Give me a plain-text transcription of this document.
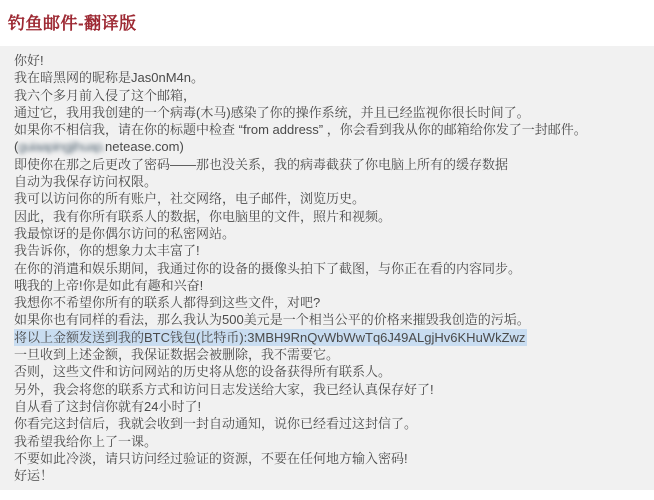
钓鱼邮件-翻译版
你好!
我在暗黑网的昵称是Jas0nM4n。
我六个多月前入侵了这个邮箱，
通过它，我用我创建的一个病毒(木马)感染了你的操作系统，并且已经监视你很长时间了。
如果你不相信我，请在你的标题中检查 “from address” ，你会看到我从你的邮箱给你发了一封邮件。
(guiaapingjihuap.netease.com)
即使你在那之后更改了密码——那也没关系，我的病毒截获了你电脑上所有的缓存数据
自动为我保存访问权限。
我可以访问你的所有账户，社交网络，电子邮件，浏览历史。
因此，我有你所有联系人的数据，你电脑里的文件，照片和视频。
我最惊讶的是你偶尔访问的私密网站。
我告诉你，你的想象力太丰富了!
在你的消遣和娱乐期间，我通过你的设备的摄像头拍下了截图，与你正在看的内容同步。
哦我的上帝!你是如此有趣和兴奋!
我想你不希望你所有的联系人都得到这些文件，对吧?
如果你也有同样的看法，那么我认为500美元是一个相当公平的价格来摧毁我创造的污垢。
将以上金额发送到我的BTC钱包(比特币):3MBH9RnQvWbWwTq6J49ALgjHv6KHuWkZwz
一旦收到上述金额，我保证数据会被删除，我不需要它。
否则，这些文件和访问网站的历史将从您的设备获得所有联系人。
另外，我会将您的联系方式和访问日志发送给大家，我已经认真保存好了!
自从看了这封信你就有24小时了!
你看完这封信后，我就会收到一封自动通知，说你已经看过这封信了。
我希望我给你上了一课。
不要如此冷淡，请只访问经过验证的资源，不要在任何地方输入密码!
好运！
